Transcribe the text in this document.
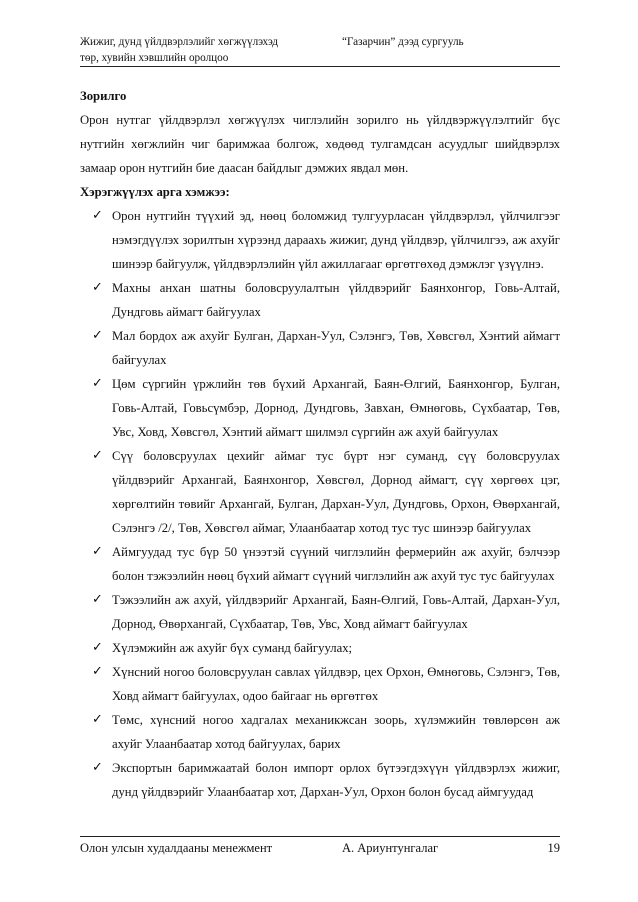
Жижиг, дунд үйлдвэрлэлийг хөгжүүлэхэд
төр, хувийн хэвшлийн оролцоо
“Газарчин” дээд сургууль

Зорилго

Орон нутгаг үйлдвэрлэл хөгжүүлэх чиглэлийн зорилго нь үйлдвэржүүлэлтийг бүс нутгийн хөгжлийн чиг баримжаа болгож, хөдөөд тулгамдсан асуудлыг шийдвэрлэх замаар орон нутгийн бие даасан байдлыг дэмжих явдал мөн.

Хэрэгжүүлэх арга хэмжээ:

✓ Орон нутгийн түүхий эд, нөөц боломжид тулгуурласан үйлдвэрлэл, үйлчилгээг нэмэгдүүлэх зорилтын хүрээнд дараахь жижиг, дунд үйлдвэр, үйлчилгээ, аж ахуйг шинээр байгуулж, үйлдвэрлэлийн үйл ажиллагааг өргөтгөхөд дэмжлэг үзүүлнэ.
✓ Махны анхан шатны боловсруулалтын үйлдвэрийг Баянхонгор, Говь-Алтай, Дундговь аймагт байгуулах
✓ Мал бордох аж ахуйг Булган, Дархан-Уул, Сэлэнгэ, Төв, Хөвсгөл, Хэнтий аймагт байгуулах
✓ Цөм сүргийн үржлийн төв бүхий Архангай, Баян-Өлгий, Баянхонгор, Булган, Говь-Алтай, Говьсүмбэр, Дорнод, Дундговь, Завхан, Өмнөговь, Сүхбаатар, Төв, Увс, Ховд, Хөвсгөл, Хэнтий аймагт шилмэл сүргийн аж ахуй байгуулах
✓ Сүү боловсруулах цехийг аймаг тус бүрт нэг суманд, сүү боловсруулах үйлдвэрийг Архангай, Баянхонгор, Хөвсгөл, Дорнод аймагт, сүү хөргөөх цэг, хөргөлтийн төвийг Архангай, Булган, Дархан-Уул, Дундговь, Орхон, Өвөрхангай, Сэлэнгэ /2/, Төв, Хөвсгөл аймаг, Улаанбаатар хотод тус тус шинээр байгуулах
✓ Аймгуудад тус бүр 50 үнээтэй сүүний чиглэлийн фермерийн аж ахуйг, бэлчээр болон тэжээлийн нөөц бүхий аймагт сүүний чиглэлийн аж ахуй тус тус байгуулах
✓ Тэжээлийн аж ахуй, үйлдвэрийг Архангай, Баян-Өлгий, Говь-Алтай, Дархан-Уул, Дорнод, Өвөрхангай, Сүхбаатар, Төв, Увс, Ховд аймагт байгуулах
✓ Хүлэмжийн аж ахуйг бүх суманд байгуулах;
✓ Хүнсний ногоо боловсруулан савлах үйлдвэр, цех Орхон, Өмнөговь, Сэлэнгэ, Төв, Ховд аймагт байгуулах, одоо байгааг нь өргөтгөх
✓ Төмс, хүнсний ногоо хадгалах механикжсан зоорь, хүлэмжийн төвлөрсөн аж ахуйг Улаанбаатар хотод байгуулах, барих
✓ Экспортын баримжаатай болон импорт орлох бүтээгдэхүүн үйлдвэрлэх жижиг, дунд үйлдвэрийг Улаанбаатар хот, Дархан-Уул, Орхон болон бусад аймгуудад
Олон улсын худалдааны менежмент	А. Ариунтунгалаг	19
